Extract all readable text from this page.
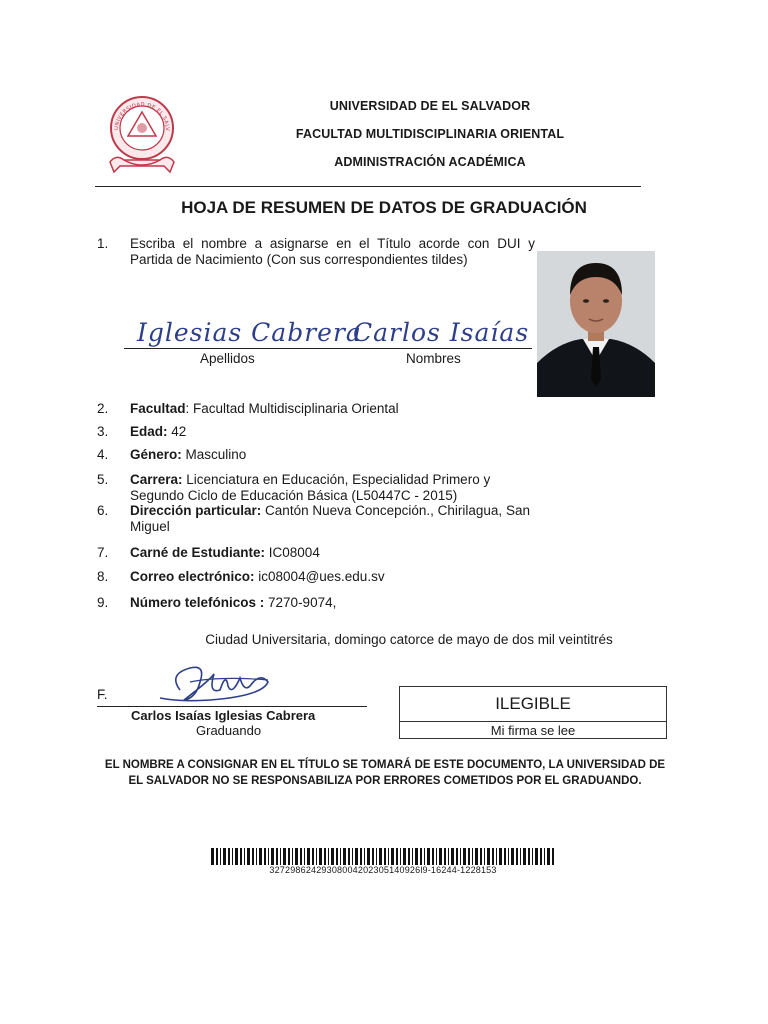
UNIVERSIDAD DE EL SALV
UNIVERSIDAD DE EL SALVADOR
FACULTAD MULTIDISCIPLINARIA ORIENTAL
ADMINISTRACIÓN ACADÉMICA
HOJA DE RESUMEN DE DATOS DE GRADUACIÓN
1. Escriba el nombre a asignarse en el Título acorde con DUI y Partida de Nacimiento (Con sus correspondientes tildes)
Iglesias Cabrera
Carlos Isaías
Apellidos	Nombres
2. Facultad: Facultad Multidisciplinaria Oriental
3. Edad: 42
4. Género: Masculino
5. Carrera: Licenciatura en Educación, Especialidad Primero y Segundo Ciclo de Educación Básica (L50447C - 2015)
6. Dirección particular: Cantón Nueva Concepción., Chirilagua, San Miguel
7. Carné de Estudiante: IC08004
8. Correo electrónico: ic08004@ues.edu.sv
9. Número telefónicos : 7270-9074,
Ciudad Universitaria, domingo catorce de mayo de dos mil veintitrés
F.
Carlos Isaías Iglesias Cabrera
Graduando
ILEGIBLE
Mi firma se lee
EL NOMBRE A CONSIGNAR EN EL TÍTULO SE TOMARÁ DE ESTE DOCUMENTO, LA UNIVERSIDAD DE EL SALVADOR NO SE RESPONSABILIZA POR ERRORES COMETIDOS POR EL GRADUANDO.
32729862429308004202305140926l9-16244-1228153
